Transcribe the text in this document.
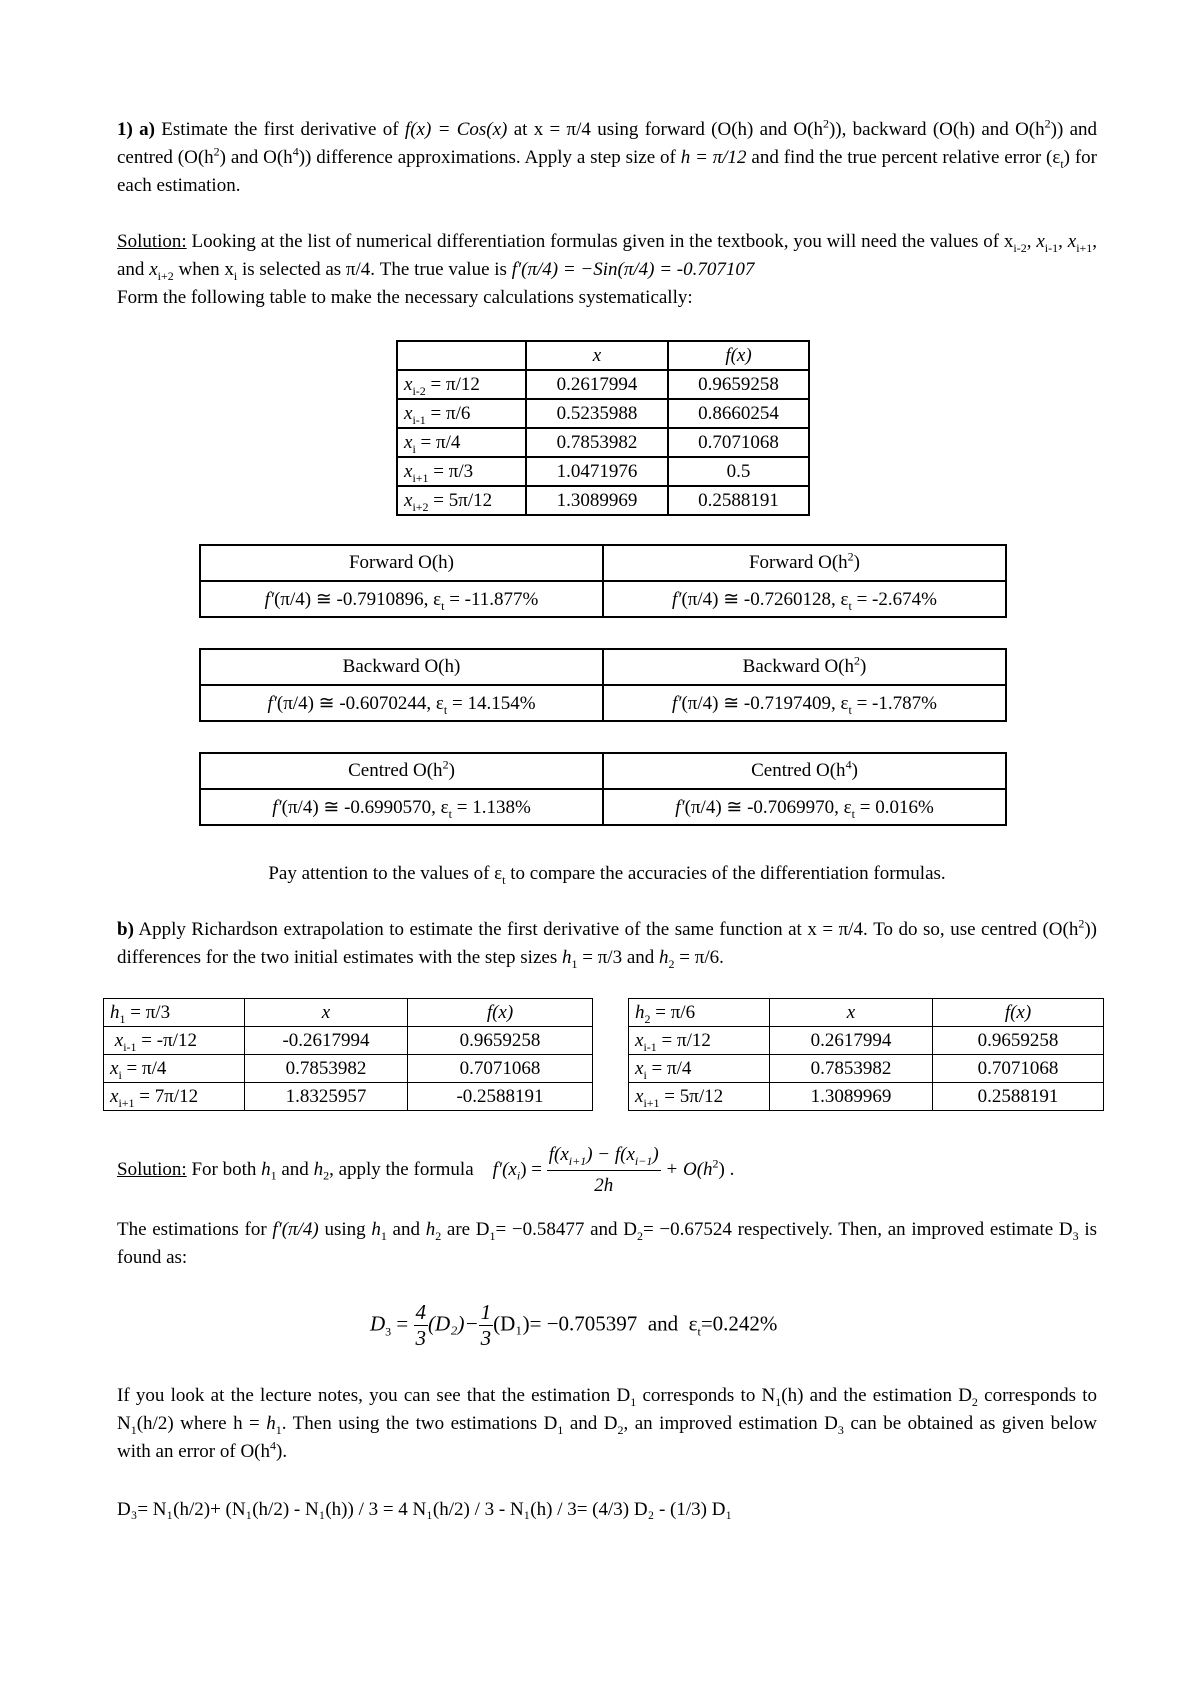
1) a) Estimate the first derivative of f(x) = Cos(x) at x = π/4 using forward (O(h) and $O(h^2)$), backward (O(h) and $O(h^2)$) and centred ($O(h^2)$ and $O(h^4)$) difference approximations. Apply a step size of h = π/12 and find the true percent relative error $(\varepsilon_t)$ for each estimation.

Solution: Looking at the list of numerical differentiation formulas given in the textbook, you will need the values of $x_{i-2}$, $x_{i-1}$, $x_{i+1}$, and $x_{i+2}$ when $x_i$ is selected as π/4. The true value is f′(π/4) = −Sin(π/4) = -0.707107
Form the following table to make the necessary calculations systematically:

	x	f(x)
$x_{i-2} = \pi/12$	0.2617994	0.9659258
$x_{i-1} = \pi/6$	0.5235988	0.8660254
$x_i = \pi/4$	0.7853982	0.7071068
$x_{i+1} = \pi/3$	1.0471976	0.5
$x_{i+2} = 5\pi/12$	1.3089969	0.2588191
Forward O(h)	Forward $O(h^2)$
f′(π/4) ≅ -0.7910896, $\varepsilon_t = -11.877\%$	f′(π/4) ≅ -0.7260128, $\varepsilon_t = -2.674\%$
Backward O(h)	Backward $O(h^2)$
f′(π/4) ≅ -0.6070244, $\varepsilon_t = 14.154\%$	f′(π/4) ≅ -0.7197409, $\varepsilon_t = -1.787\%$
Centred $O(h^2)$	Centred $O(h^4)$
f′(π/4) ≅ -0.6990570, $\varepsilon_t = 1.138\%$	f′(π/4) ≅ -0.7069970, $\varepsilon_t = 0.016\%$

Pay attention to the values of $\varepsilon_t$ to compare the accuracies of the differentiation formulas.

b) Apply Richardson extrapolation to estimate the first derivative of the same function at x = π/4. To do so, use centred $(O(h^2))$ differences for the two initial estimates with the step sizes $h_1 = \pi/3$ and $h_2 = \pi/6$.

$h_1 = \pi/3$	x	f(x)
$x_{i-1} = -\pi/12$	-0.2617994	0.9659258
$x_i = \pi/4$	0.7853982	0.7071068
$x_{i+1} = 7\pi/12$	1.8325957	-0.2588191
$h_2 = \pi/6$	x	f(x)
$x_{i-1} = \pi/12$	0.2617994	0.9659258
$x_i = \pi/4$	0.7853982	0.7071068
$x_{i+1} = 5\pi/12$	1.3089969	0.2588191
Solution: For both $h_1$ and $h_2$, apply the formula $f'(x_i) = \frac{f(x_{i+1}) - f(x_{i-1})}{2h} + O(h^2)$ .

The estimations for f′(π/4) using $h_1$ and $h_2$ are $D_1= -0.58477$ and $D_2= -0.67524$ respectively. Then, an improved estimate $D_3$ is found as:

$D_3 = \frac{4}{3} (D_2)- \frac{1}{3} (D_1)= -0.705397$ and  $\varepsilon_t=0.242\%$

If you look at the lecture notes, you can see that the estimation $D_1$ corresponds to $N_1(h)$ and the estimation $D_2$ corresponds to $N_1(h/2)$ where $h = h_1$. Then using the two estimations $D_1$ and $D_2$, an improved estimation $D_3$ can be obtained as given below with an error of $O(h^4)$.

D₃= N₁(h/2)+ (N₁(h/2) - N₁(h)) / 3 = 4 N₁(h/2) / 3 - N₁(h) / 3= (4/3) D₂ - (1/3) D₁
